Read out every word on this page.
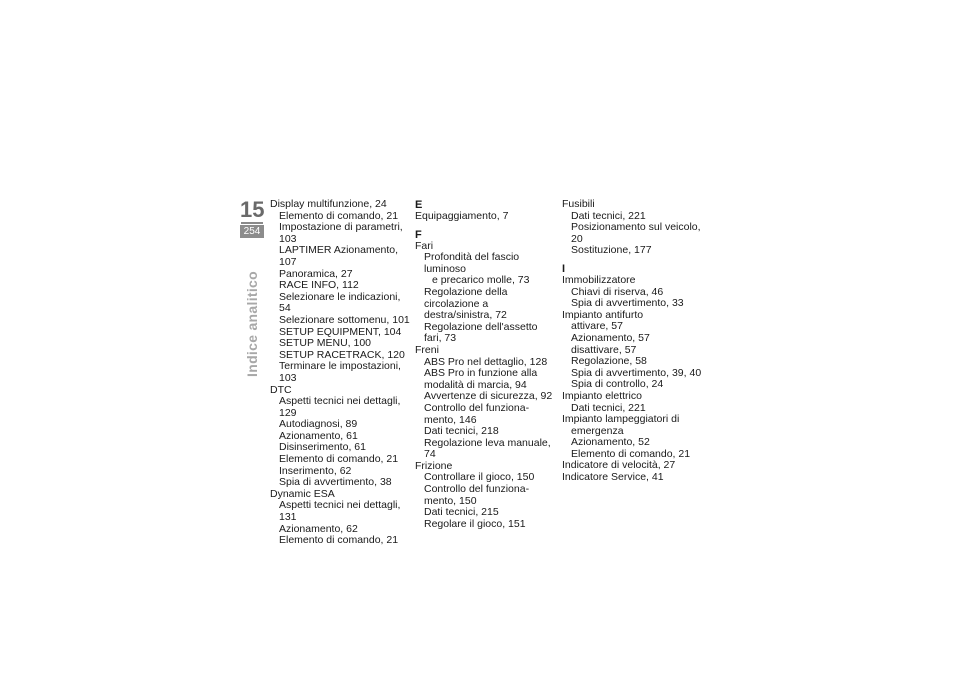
15
254
Indice analitico
Display multifunzione, 24
Elemento di comando, 21
Impostazione di parametri, 103
LAPTIMER Azionamento, 107
Panoramica, 27
RACE INFO, 112
Selezionare le indicazioni, 54
Selezionare sottomenu, 101
SETUP EQUIPMENT, 104
SETUP MENU, 100
SETUP RACETRACK, 120
Terminare le impostazioni, 103
DTC
Aspetti tecnici nei dettagli, 129
Autodiagnosi, 89
Azionamento, 61
Disinserimento, 61
Elemento di comando, 21
Inserimento, 62
Spia di avvertimento, 38
Dynamic ESA
Aspetti tecnici nei dettagli, 131
Azionamento, 62
Elemento di comando, 21
E
Equipaggiamento, 7
F
Fari
Profondità del fascio luminoso
e precarico molle, 73
Regolazione della circolazione a
destra/sinistra, 72
Regolazione dell'assetto fari, 73
Freni
ABS Pro nel dettaglio, 128
ABS Pro in funzione alla
modalità di marcia, 94
Avvertenze di sicurezza, 92
Controllo del funziona-
mento, 146
Dati tecnici, 218
Regolazione leva manuale, 74
Frizione
Controllare il gioco, 150
Controllo del funziona-
mento, 150
Dati tecnici, 215
Regolare il gioco, 151
Fusibili
Dati tecnici, 221
Posizionamento sul veicolo, 20
Sostituzione, 177
I
Immobilizzatore
Chiavi di riserva, 46
Spia di avvertimento, 33
Impianto antifurto
attivare, 57
Azionamento, 57
disattivare, 57
Regolazione, 58
Spia di avvertimento, 39, 40
Spia di controllo, 24
Impianto elettrico
Dati tecnici, 221
Impianto lampeggiatori di
emergenza
Azionamento, 52
Elemento di comando, 21
Indicatore di velocità, 27
Indicatore Service, 41
